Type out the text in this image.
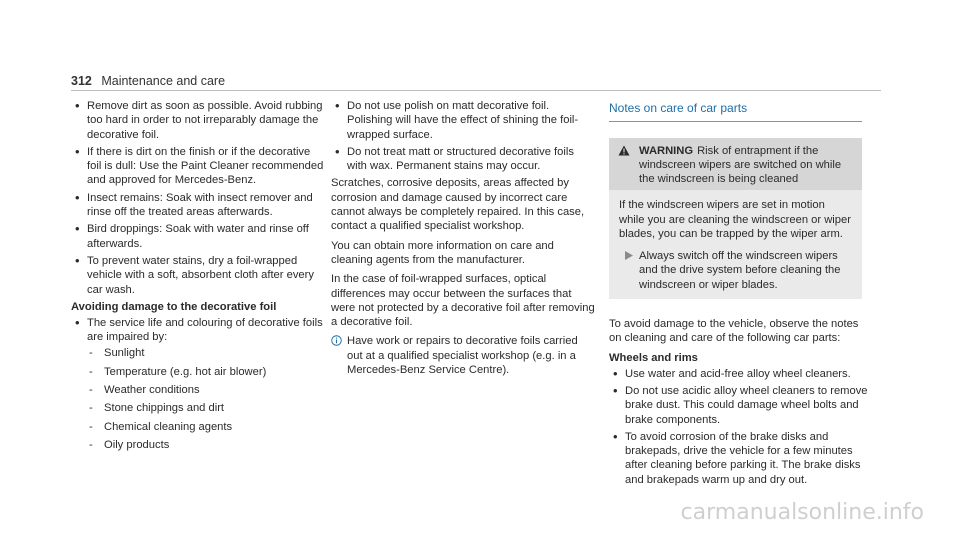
312 Maintenance and care
• Remove dirt as soon as possible. Avoid rubbing too hard in order to not irreparably damage the decorative foil.
• If there is dirt on the finish or if the decorative foil is dull: Use the Paint Cleaner recommended and approved for Mercedes-Benz.
• Insect remains: Soak with insect remover and rinse off the treated areas afterwards.
• Bird droppings: Soak with water and rinse off afterwards.
• To prevent water stains, dry a foil-wrapped vehicle with a soft, absorbent cloth after every car wash.
Avoiding damage to the decorative foil
• The service life and colouring of decorative foils are impaired by:
- Sunlight
- Temperature (e.g. hot air blower)
- Weather conditions
- Stone chippings and dirt
- Chemical cleaning agents
- Oily products
• Do not use polish on matt decorative foil. Polishing will have the effect of shining the foil-wrapped surface.
• Do not treat matt or structured decorative foils with wax. Permanent stains may occur.

Scratches, corrosive deposits, areas affected by corrosion and damage caused by incorrect care cannot always be completely repaired. In this case, contact a qualified specialist workshop.

You can obtain more information on care and cleaning agents from the manufacturer.

In the case of foil-wrapped surfaces, optical differences may occur between the surfaces that were not protected by a decorative foil after removing a decorative foil.

Have work or repairs to decorative foils carried out at a qualified specialist workshop (e.g. in a Mercedes-Benz Service Centre).
Notes on care of car parts
WARNING Risk of entrapment if the windscreen wipers are switched on while the windscreen is being cleaned
If the windscreen wipers are set in motion while you are cleaning the windscreen or wiper blades, you can be trapped by the wiper arm.
Always switch off the windscreen wipers and the drive system before cleaning the windscreen or wiper blades.

To avoid damage to the vehicle, observe the notes on cleaning and care of the following car parts:

Wheels and rims
• Use water and acid-free alloy wheel cleaners.
• Do not use acidic alloy wheel cleaners to remove brake dust. This could damage wheel bolts and brake components.
• To avoid corrosion of the brake disks and brakepads, drive the vehicle for a few minutes after cleaning before parking it. The brake disks and brakepads warm up and dry out.
carmanualsonline.info
